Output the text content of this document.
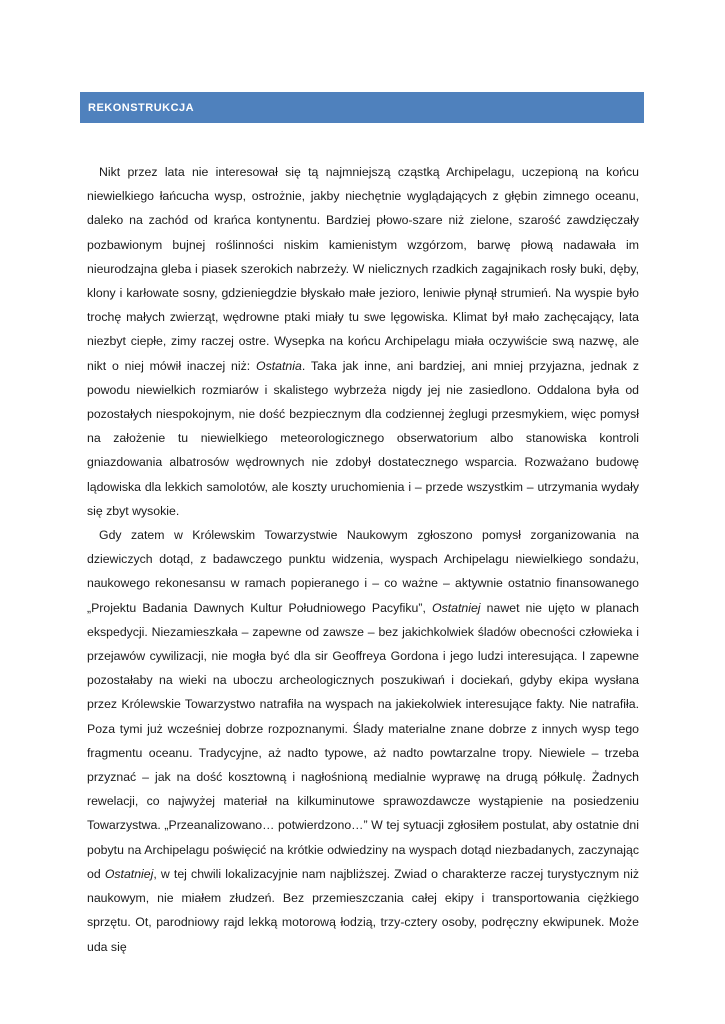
REKONSTRUKCJA

Nikt przez lata nie interesował się tą najmniejszą cząstką Archipelagu, uczepioną na końcu niewielkiego łańcucha wysp, ostrożnie, jakby niechętnie wyglądających z głębin zimnego oceanu, daleko na zachód od krańca kontynentu. Bardziej płowo-szare niż zielone, szarość zawdzięczały pozbawionym bujnej roślinności niskim kamienistym wzgórzom, barwę płową nadawała im nieurodzajna gleba i piasek szerokich nabrzeży. W nielicznych rzadkich zagajnikach rosły buki, dęby, klony i karłowate sosny, gdzieniegdzie błyskało małe jezioro, leniwie płynął strumień. Na wyspie było trochę małych zwierząt, wędrowne ptaki miały tu swe lęgowiska. Klimat był mało zachęcający, lata niezbyt ciepłe, zimy raczej ostre. Wysepka na końcu Archipelagu miała oczywiście swą nazwę, ale nikt o niej mówił inaczej niż: Ostatnia. Taka jak inne, ani bardziej, ani mniej przyjazna, jednak z powodu niewielkich rozmiarów i skalistego wybrzeża nigdy jej nie zasiedlono. Oddalona była od pozostałych niespokojnym, nie dość bezpiecznym dla codziennej żeglugi przesmykiem, więc pomysł na założenie tu niewielkiego meteorologicznego obserwatorium albo stanowiska kontroli gniazdowania albatrosów wędrownych nie zdobył dostatecznego wsparcia. Rozważano budowę lądowiska dla lekkich samolotów, ale koszty uruchomienia i – przede wszystkim – utrzymania wydały się zbyt wysokie.

Gdy zatem w Królewskim Towarzystwie Naukowym zgłoszono pomysł zorganizowania na dziewiczych dotąd, z badawczego punktu widzenia, wyspach Archipelagu niewielkiego sondażu, naukowego rekonesansu w ramach popieranego i – co ważne – aktywnie ostatnio finansowanego „Projektu Badania Dawnych Kultur Południowego Pacyfiku”, Ostatniej nawet nie ujęto w planach ekspedycji. Niezamieszkała – zapewne od zawsze – bez jakichkolwiek śladów obecności człowieka i przejawów cywilizacji, nie mogła być dla sir Geoffreya Gordona i jego ludzi interesująca. I zapewne pozostałaby na wieki na uboczu archeologicznych poszukiwań i dociekań, gdyby ekipa wysłana przez Królewskie Towarzystwo natrafiła na wyspach na jakiekolwiek interesujące fakty. Nie natrafiła. Poza tymi już wcześniej dobrze rozpoznanymi. Ślady materialne znane dobrze z innych wysp tego fragmentu oceanu. Tradycyjne, aż nadto typowe, aż nadto powtarzalne tropy. Niewiele – trzeba przyznać – jak na dość kosztowną i nagłośnioną medialnie wyprawę na drugą półkulę. Żadnych rewelacji, co najwyżej materiał na kilkuminutowe sprawozdawcze wystąpienie na posiedzeniu Towarzystwa. „Przeanalizowano… potwierdzono…” W tej sytuacji zgłosiłem postulat, aby ostatnie dni pobytu na Archipelagu poświęcić na krótkie odwiedziny na wyspach dotąd niezbadanych, zaczynając od Ostatniej, w tej chwili lokalizacyjnie nam najbliższej. Zwiad o charakterze raczej turystycznym niż naukowym, nie miałem złudzeń. Bez przemieszczania całej ekipy i transportowania ciężkiego sprzętu. Ot, parodniowy rajd lekką motorową łodzią, trzy-cztery osoby, podręczny ekwipunek. Może uda się
